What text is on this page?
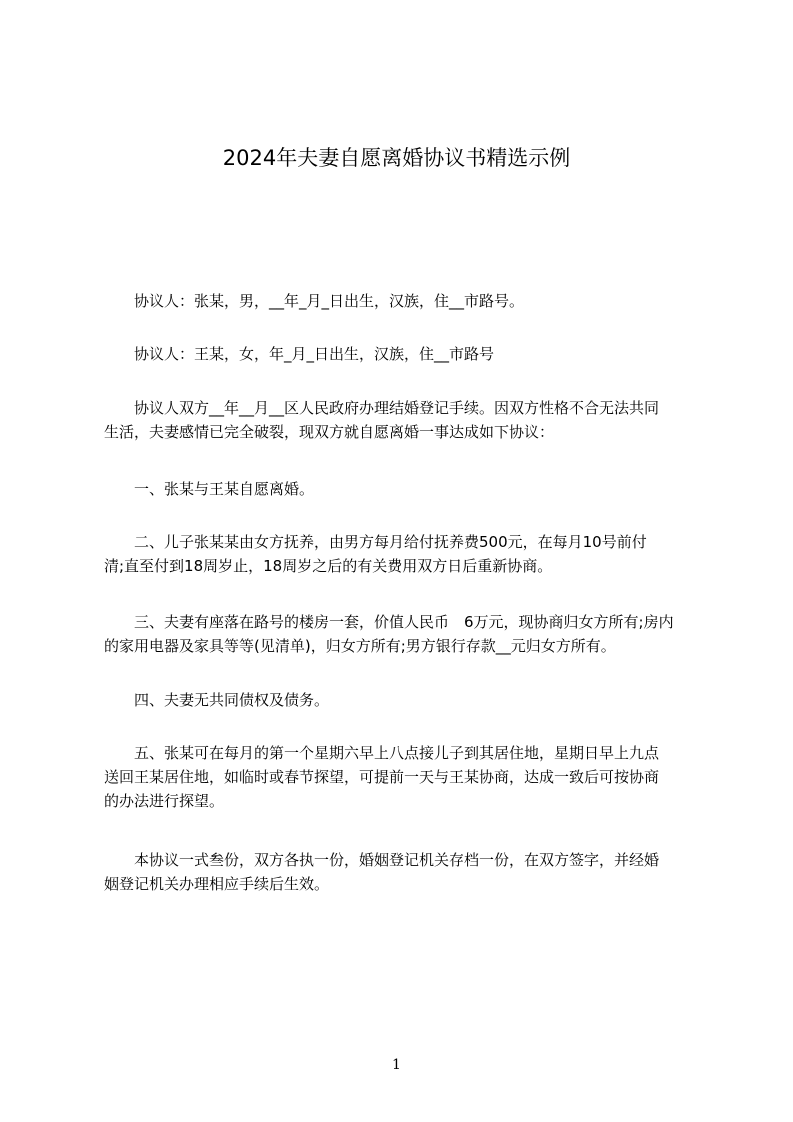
2024年夫妻自愿离婚协议书精选示例
　　协议人：张某，男，__年_月_日出生，汉族，住__市路号。
　　协议人：王某，女，年_月_日出生，汉族，住__市路号
　　协议人双方__年__月__区人民政府办理结婚登记手续。因双方性格不合无法共同
生活，夫妻感情已完全破裂，现双方就自愿离婚一事达成如下协议：
　　一、张某与王某自愿离婚。
　　二、儿子张某某由女方抚养，由男方每月给付抚养费500元，在每月10号前付
清;直至付到18周岁止，18周岁之后的有关费用双方日后重新协商。
　　三、夫妻有座落在路号的楼房一套，价值人民币　6万元，现协商归女方所有;房内
的家用电器及家具等等(见清单)，归女方所有;男方银行存款__元归女方所有。
　　四、夫妻无共同债权及债务。
　　五、张某可在每月的第一个星期六早上八点接儿子到其居住地，星期日早上九点
送回王某居住地，如临时或春节探望，可提前一天与王某协商，达成一致后可按协商
的办法进行探望。
　　本协议一式叁份，双方各执一份，婚姻登记机关存档一份，在双方签字，并经婚
姻登记机关办理相应手续后生效。
1
